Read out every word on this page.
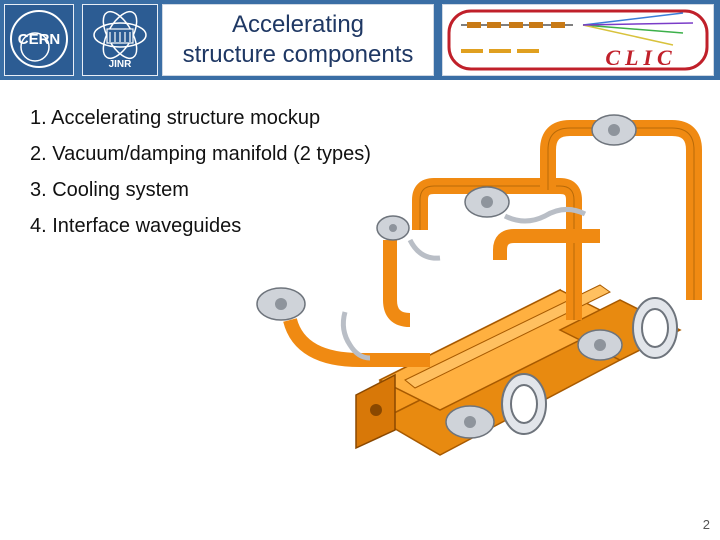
CERN
JINR
Accelerating
structure components	CLIC
1. Accelerating structure mockup
2. Vacuum/damping manifold (2 types)
3. Cooling system
4. Interface waveguides
2
